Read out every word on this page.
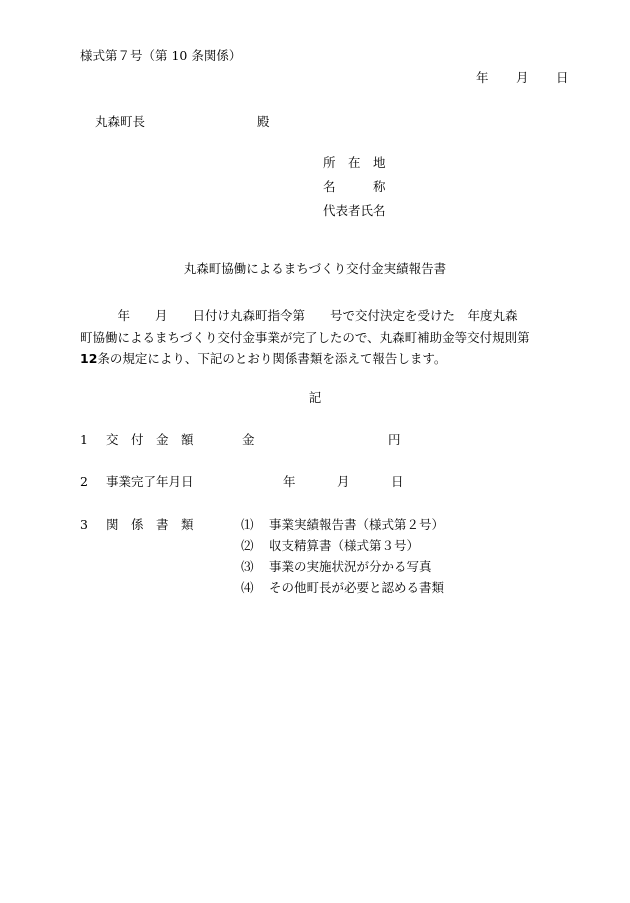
様式第７号（第 10 条関係）
年 月 日
丸森町長	殿
所　在　地
名　　　称
代表者氏名
丸森町協働によるまちづくり交付金実績報告書
　　　年　　月　　日付け丸森町指令第　　号で交付決定を受けた　年度丸森
町協働によるまちづくり交付金事業が完了したので、丸森町補助金等交付規則第
12条の規定により、下記のとおり関係書類を添えて報告します。
記
1 交　付　金　額	金	円
2 事業完了年月日	年	月	日
3 関　係　書　類	⑴ 事業実績報告書（様式第２号）
⑵ 収支精算書（様式第３号）
⑶ 事業の実施状況が分かる写真
⑷ その他町長が必要と認める書類
